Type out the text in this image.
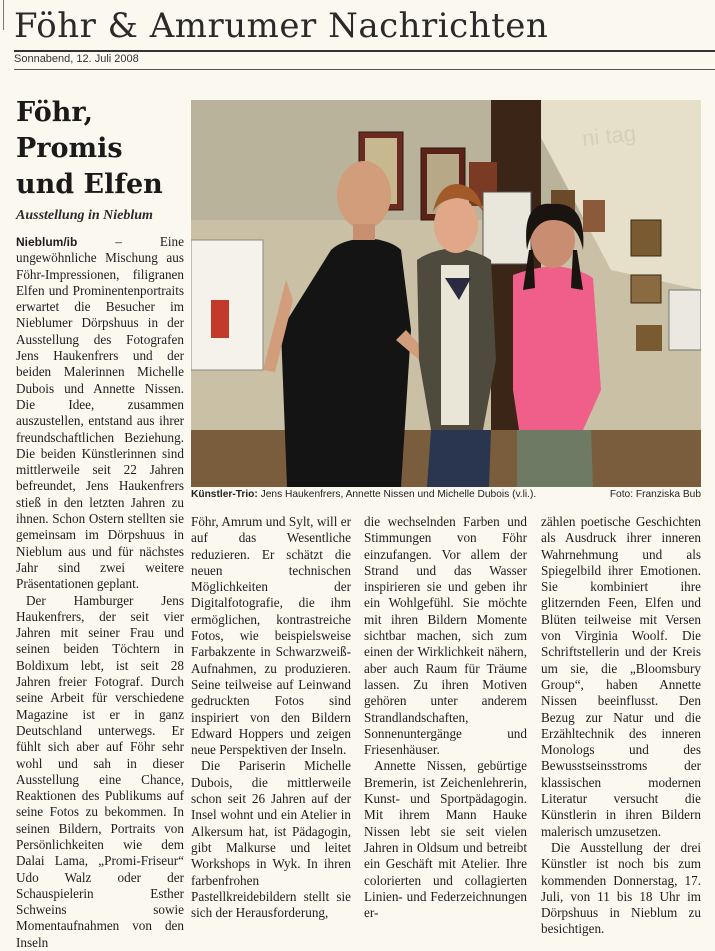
Föhr & Amrumer Nachrichten
Sonnabend, 12. Juli 2008
Föhr,
Promis
und Elfen
Ausstellung in Nieblum

Nieblum/ib	– Eine ungewöhnliche Mischung aus Föhr-Impressionen, filigranen Elfen und Prominentenportraits erwartet die Besucher im Nieblumer Dörpshuus in der Ausstellung des Fotografen Jens Haukenfrers und der beiden Malerinnen Michelle Dubois und Annette Nissen. Die Idee, zusammen auszustellen, entstand aus ihrer freundschaftlichen Beziehung. Die beiden Künstlerinnen sind mittlerweile seit 22 Jahren befreundet, Jens Haukenfrers stieß in den letzten Jahren zu ihnen. Schon Ostern stellten sie gemeinsam im Dörpshuus in Nieblum aus und für nächstes Jahr sind zwei weitere Präsentationen geplant.

Der Hamburger Jens Haukenfrers, der seit vier Jahren mit seiner Frau und seinen beiden Töchtern in Boldixum lebt, ist seit 28 Jahren freier Fotograf. Durch seine Arbeit für verschiedene Magazine ist er in ganz Deutschland unterwegs. Er fühlt sich aber auf Föhr sehr wohl und sah in dieser Ausstellung eine Chance, Reaktionen des Publikums auf seine Fotos zu bekommen. In seinen Bildern, Portraits von Persönlichkeiten wie dem Dalai Lama, „Promi-Friseur“ Udo Walz oder der Schauspielerin Esther Schweins sowie Momentaufnahmen von den Inseln

Föhr, Amrum und Sylt, will er auf das Wesentliche reduzieren. Er schätzt die neuen technischen Möglichkeiten der Digitalfotografie, die ihm ermöglichen, kontrastreiche Fotos, wie beispielsweise Farbakzente in Schwarzweiß-Aufnahmen, zu produzieren. Seine teilweise auf Leinwand gedruckten Fotos sind inspiriert von den Bildern Edward Hoppers und zeigen neue Perspektiven der Inseln.

Die Pariserin Michelle Dubois, die mittlerweile schon seit 26 Jahren auf der Insel wohnt und ein Atelier in Alkersum hat, ist Pädagogin, gibt Malkurse und leitet Workshops in Wyk. In ihren farbenfrohen Pastellkreidebildern stellt sie sich der Herausforderung,

die wechselnden Farben und Stimmungen von Föhr einzufangen. Vor allem der Strand und das Wasser inspirieren sie und geben ihr ein Wohlgefühl. Sie möchte mit ihren Bildern Momente sichtbar machen, sich zum einen der Wirklichkeit nähern, aber auch Raum für Träume lassen. Zu ihren Motiven gehören unter anderem Strandlandschaften, Sonnenuntergänge und Friesenhäuser.

Annette Nissen, gebürtige Bremerin, ist Zeichenlehrerin, Kunst- und Sportpädagogin. Mit ihrem Mann Hauke Nissen lebt sie seit vielen Jahren in Oldsum und betreibt ein Geschäft mit Atelier. Ihre colorierten und collagierten Linien- und Federzeichnungen er-

zählen poetische Geschichten als Ausdruck ihrer inneren Wahrnehmung und als Spiegelbild ihrer Emotionen. Sie kombiniert ihre glitzernden Feen, Elfen und Blüten teilweise mit Versen von Virginia Woolf. Die Schriftstellerin und der Kreis um sie, die „Bloomsbury Group“, haben Annette Nissen beeinflusst. Den Bezug zur Natur und die Erzähltechnik des inneren Monologs und des Bewusstseinsstroms der klassischen modernen Literatur versucht die Künstlerin in ihren Bildern malerisch umzusetzen.

Die Ausstellung der drei Künstler ist noch bis zum kommenden Donnerstag, 17. Juli, von 11 bis 18 Uhr im Dörpshuus in Nieblum zu besichtigen.

ni tag
Künstler-Trio: Jens Haukenfrers, Annette Nissen und Michelle Dubois (v.li.).	Foto: Franziska Bub
